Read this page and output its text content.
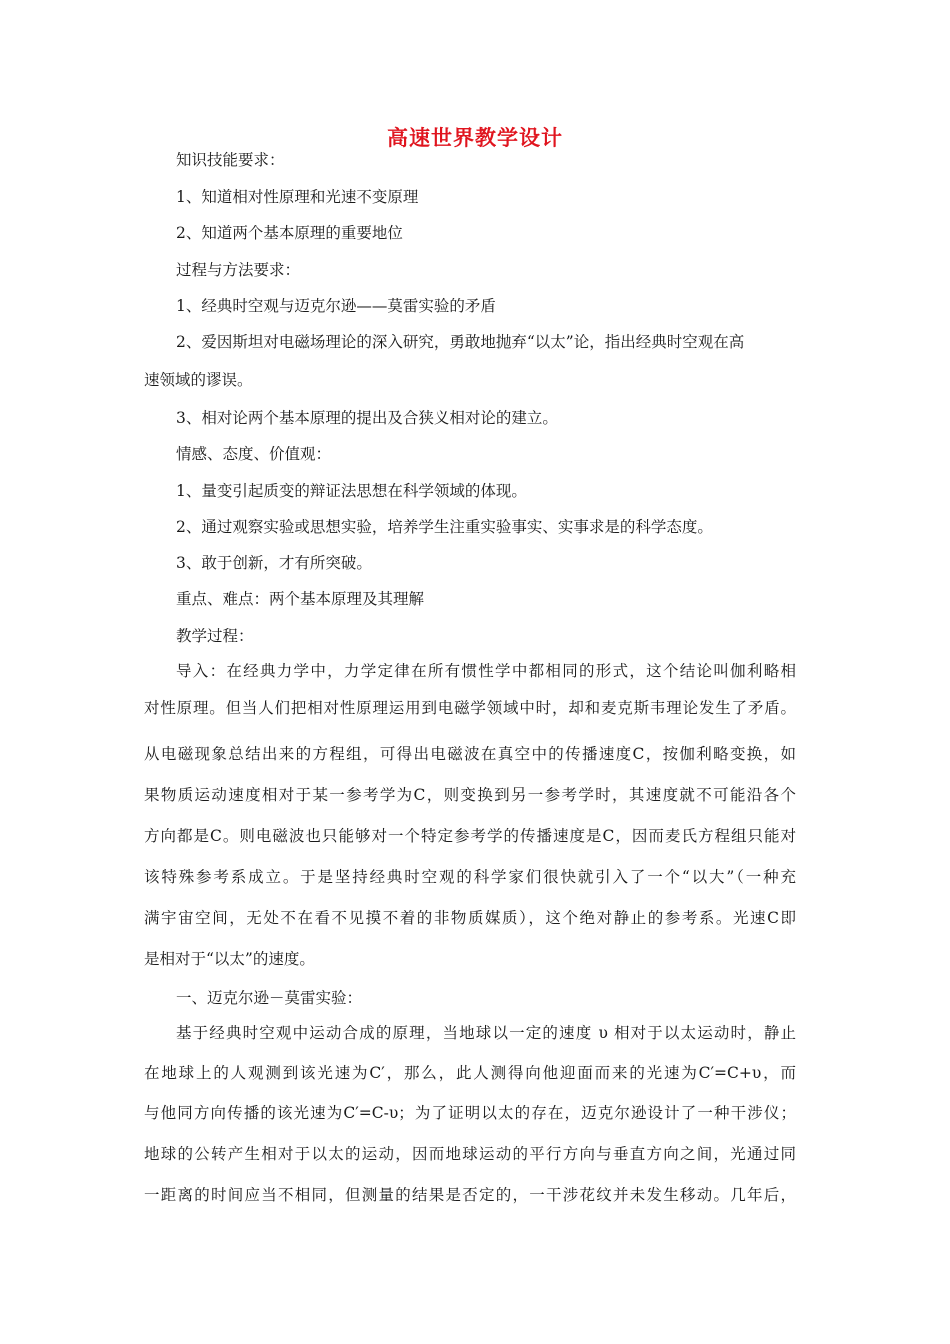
高速世界教学设计
知识技能要求：
1、知道相对性原理和光速不变原理
2、知道两个基本原理的重要地位
过程与方法要求：
1、经典时空观与迈克尔逊——莫雷实验的矛盾
2、爱因斯坦对电磁场理论的深入研究，勇敢地抛弃“以太”论，指出经典时空观在高
速领域的谬误。
3、相对论两个基本原理的提出及合狭义相对论的建立。
情感、态度、价值观：
1、量变引起质变的辩证法思想在科学领域的体现。
2、通过观察实验或思想实验，培养学生注重实验事实、实事求是的科学态度。
3、敢于创新，才有所突破。
重点、难点：两个基本原理及其理解
教学过程：
导入：在经典力学中，力学定律在所有惯性学中都相同的形式，这个结论叫伽利略相
对性原理。但当人们把相对性原理运用到电磁学领域中时，却和麦克斯韦理论发生了矛盾。
从电磁现象总结出来的方程组，可得出电磁波在真空中的传播速度C，按伽利略变换，如
果物质运动速度相对于某一参考学为C，则变换到另一参考学时，其速度就不可能沿各个
方向都是C。则电磁波也只能够对一个特定参考学的传播速度是C，因而麦氏方程组只能对
该特殊参考系成立。于是坚持经典时空观的科学家们很快就引入了一个“以大”（一种充
满宇宙空间，无处不在看不见摸不着的非物质媒质），这个绝对静止的参考系。光速C即
是相对于“以太”的速度。
一、迈克尔逊－莫雷实验：
基于经典时空观中运动合成的原理，当地球以一定的速度 υ 相对于以太运动时，静止
在地球上的人观测到该光速为C′，那么，此人测得向他迎面而来的光速为C′=C+υ，而
与他同方向传播的该光速为C′=C-υ；为了证明以太的存在，迈克尔逊设计了一种干涉仪；
地球的公转产生相对于以太的运动，因而地球运动的平行方向与垂直方向之间，光通过同
一距离的时间应当不相同，但测量的结果是否定的，一干涉花纹并未发生移动。几年后，
